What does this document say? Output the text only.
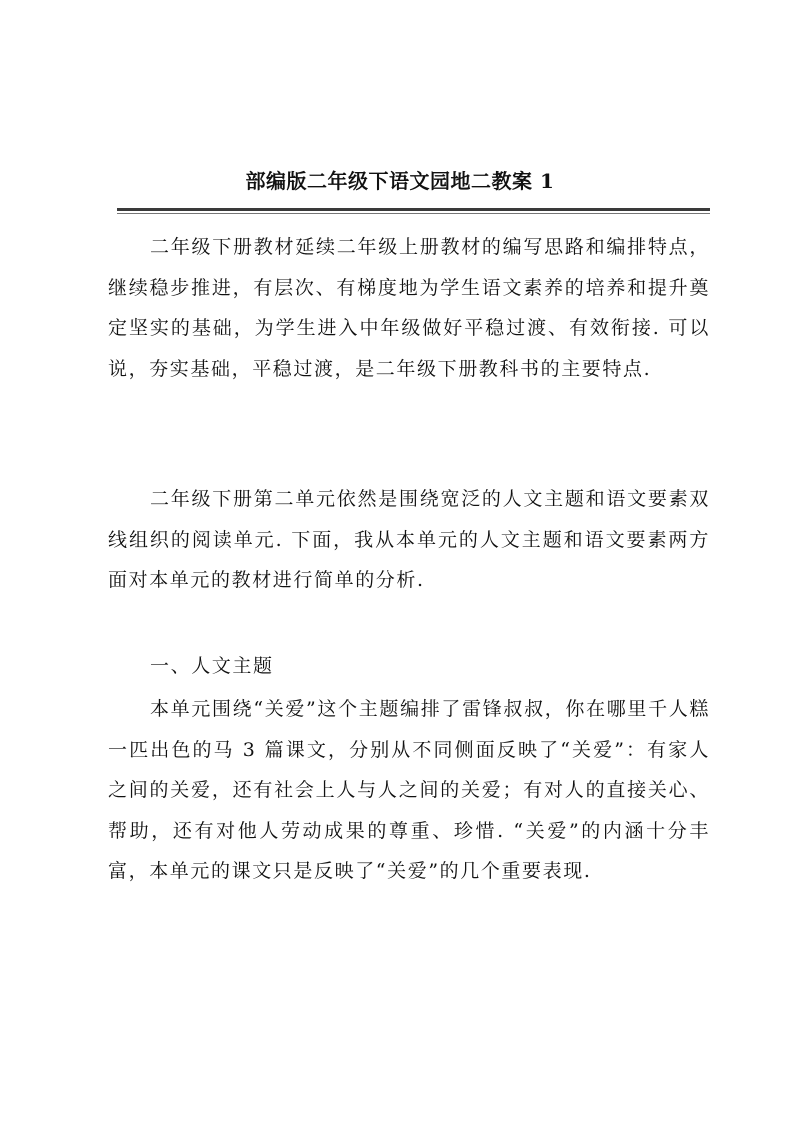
部编版二年级下语文园地二教案 1

二年级下册教材延续二年级上册教材的编写思路和编排特点，继续稳步推进，有层次、有梯度地为学生语文素养的培养和提升奠定坚实的基础，为学生进入中年级做好平稳过渡、有效衔接. 可以说，夯实基础，平稳过渡，是二年级下册教科书的主要特点.

二年级下册第二单元依然是围绕宽泛的人文主题和语文要素双线组织的阅读单元. 下面，我从本单元的人文主题和语文要素两方面对本单元的教材进行简单的分析.

一、人文主题

本单元围绕“关爱”这个主题编排了雷锋叔叔，你在哪里千人糕一匹出色的马 3 篇课文，分别从不同侧面反映了“关爱”：有家人之间的关爱，还有社会上人与人之间的关爱；有对人的直接关心、帮助，还有对他人劳动成果的尊重、珍惜. “关爱”的内涵十分丰富，本单元的课文只是反映了“关爱”的几个重要表现.
